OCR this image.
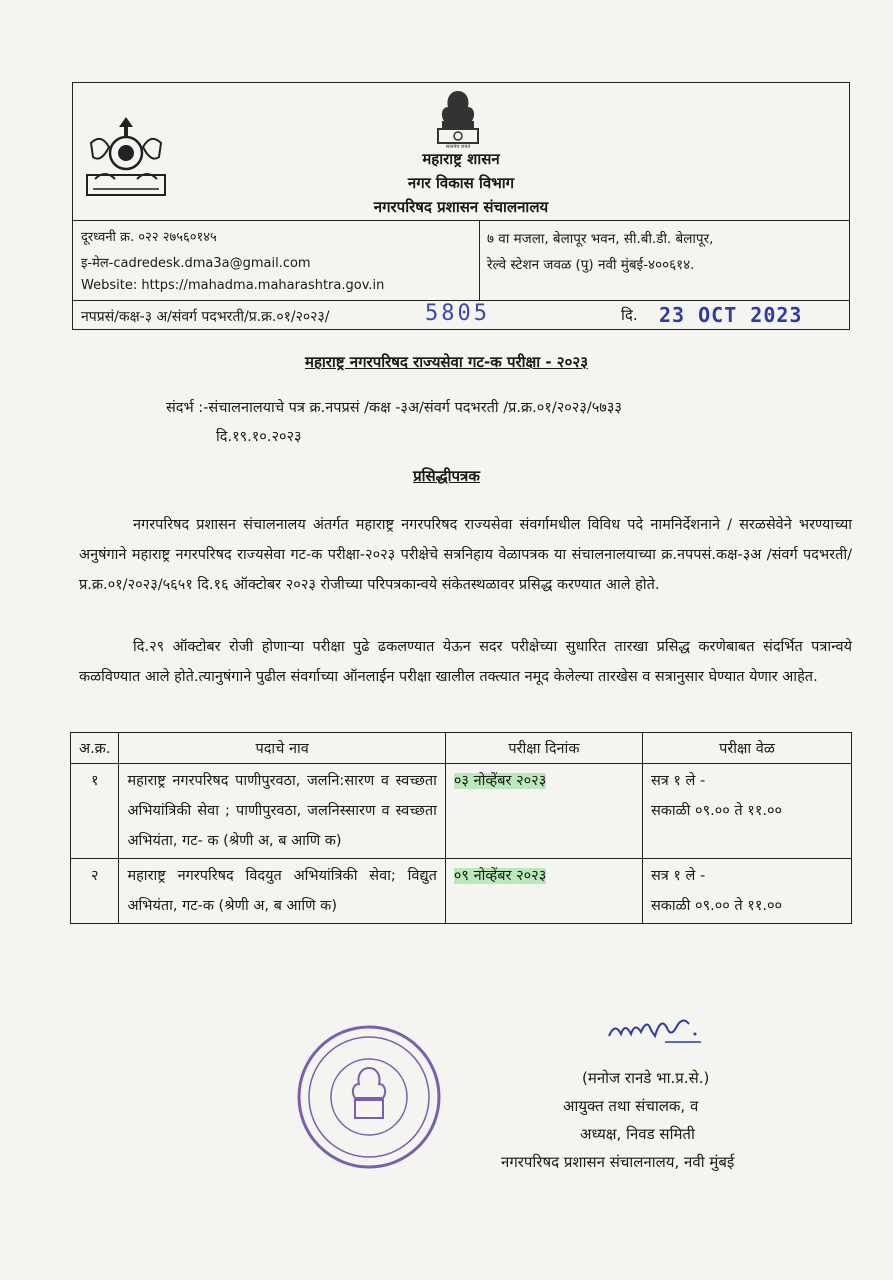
सत्यमेव जयते
महाराष्ट्र शासन
नगर विकास विभाग
नगरपरिषद प्रशासन संचालनालय
दूरध्वनी क्र. ०२२ २७५६०१४५
इ-मेल-cadredesk.dma3a@gmail.com
Website: https://mahadma.maharashtra.gov.in
७ वा मजला, बेलापूर भवन, सी.बी.डी. बेलापूर,
रेल्वे स्टेशन जवळ (पु) नवी मुंबई-४००६१४.
नपप्रसं/कक्ष-३ अ/संवर्ग पदभरती/प्र.क्र.०१/२०२३/	5805	दि. 23 OCT 2023
महाराष्ट्र नगरपरिषद राज्यसेवा गट-क परीक्षा - २०२३
संदर्भ :-संचालनालयाचे पत्र क्र.नपप्रसं /कक्ष -३अ/संवर्ग पदभरती /प्र.क्र.०१/२०२३/५७३३
दि.१९.१०.२०२३
प्रसिद्धीपत्रक
नगरपरिषद प्रशासन संचालनालय अंतर्गत महाराष्ट्र नगरपरिषद राज्यसेवा संवर्गामधील विविध पदे नामनिर्देशनाने / सरळसेवेने भरण्याच्या अनुषंगाने महाराष्ट्र नगरपरिषद राज्यसेवा गट-क परीक्षा-२०२३ परीक्षेचे सत्रनिहाय वेळापत्रक या संचालनालयाच्या क्र.नपपसं.कक्ष-३अ /संवर्ग पदभरती/प्र.क्र.०१/२०२३/५६५१ दि.१६ ऑक्टोबर २०२३ रोजीच्या परिपत्रकान्वये संकेतस्थळावर प्रसिद्ध करण्यात आले होते.
दि.२९ ऑक्टोबर रोजी होणाऱ्या परीक्षा पुढे ढकलण्यात येऊन सदर परीक्षेच्या सुधारित तारखा प्रसिद्ध करणेबाबत संदर्भित पत्रान्वये कळविण्यात आले होते.त्यानुषंगाने पुढील संवर्गाच्या ऑनलाईन परीक्षा खालील तक्त्यात नमूद केलेल्या तारखेस व सत्रानुसार घेण्यात येणार आहेत.
अ.क्र.	पदाचे नाव	परीक्षा दिनांक	परीक्षा वेळ
१	महाराष्ट्र नगरपरिषद पाणीपुरवठा, जलनि:सारण व स्वच्छता अभियांत्रिकी सेवा ; पाणीपुरवठा, जलनिस्सारण व स्वच्छता अभियंता, गट- क (श्रेणी अ, ब आणि क)	०३ नोव्हेंबर २०२३	सत्र १ ले -
सकाळी ०९.०० ते ११.००

२	महाराष्ट्र नगरपरिषद विदयुत अभियांत्रिकी सेवा; विद्युत अभियंता, गट-क (श्रेणी अ, ब आणि क)	०९ नोव्हेंबर २०२३	सत्र १ ले -
सकाळी ०९.०० ते ११.००
(मनोज रानडे भा.प्र.से.)
आयुक्त तथा संचालक, व
अध्यक्ष, निवड समिती
नगरपरिषद प्रशासन संचालनालय, नवी मुंबई
